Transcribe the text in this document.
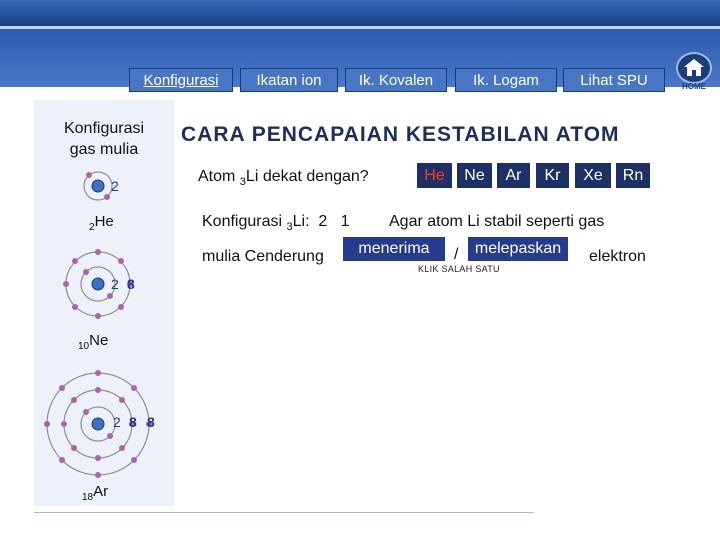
Konfigurasi	Ikatan ion	Ik. Kovalen	Ik. Logam	Lihat SPU	HOME
Konfigurasi
gas mulia
2
$_2$He
2 8
$_{10}$Ne
2 8 8
$_{18}$Ar
CARA PENCAPAIAN KESTABILAN ATOM
Atom $_3$Li dekat dengan?	He	Ne	Ar	Kr	Xe	Rn
Konfigurasi $_3$Li:  2   1 Agar atom Li stabil seperti gas
mulia Cenderung	menerima	/	melepaskan	elektron
KLIK SALAH SATU
